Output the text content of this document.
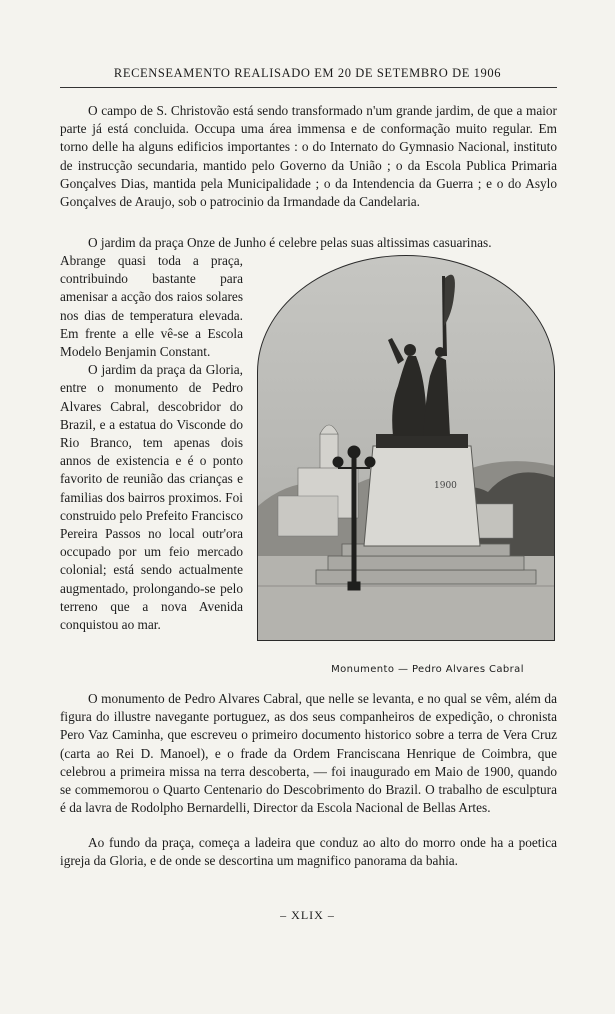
RECENSEAMENTO REALISADO EM 20 DE SETEMBRO DE 1906

O campo de S. Christovão está sendo transformado n'um grande jardim, de que a maior parte já está concluida. Occupa uma área immensa e de conformação muito regular. Em torno delle ha alguns edificios importantes : o do Internato do Gymnasio Nacional, instituto de instrucção secundaria, mantido pelo Governo da União ; o da Escola Publica Primaria Gonçalves Dias, mantida pela Municipalidade ; o da Intendencia da Guerra ; e o do Asylo Gonçalves de Araujo, sob o patrocinio da Irmandade da Candelaria.

O jardim da praça Onze de Junho é celebre pelas suas altissimas casuarinas.

1900

Abrange quasi toda a praça, contribuindo bastante para amenisar a acção dos raios solares nos dias de temperatura elevada. Em frente a elle vê-se a Escola Modelo Benjamin Constant.

O jardim da praça da Gloria, entre o monumento de Pedro Alvares Cabral, descobridor do Brazil, e a estatua do Visconde do Rio Branco, tem apenas dois annos de existencia e é o ponto favorito de reunião das crianças e familias dos bairros proximos. Foi construido pelo Prefeito Francisco Pereira Passos no local outr'ora occupado por um feio mercado colonial; está sendo actualmente augmentado, prolongando-se pelo terreno que a nova Avenida conquistou ao mar.

Monumento — Pedro Alvares Cabral

O monumento de Pedro Alvares Cabral, que nelle se levanta, e no qual se vêm, além da figura do illustre navegante portuguez, as dos seus companheiros de expedição, o chronista Pero Vaz Caminha, que escreveu o primeiro documento historico sobre a terra de Vera Cruz (carta ao Rei D. Manoel), e o frade da Ordem Franciscana Henrique de Coimbra, que celebrou a primeira missa na terra descoberta, — foi inaugurado em Maio de 1900, quando se commemorou o Quarto Centenario do Descobrimento do Brazil. O trabalho de esculptura é da lavra de Rodolpho Bernardelli, Director da Escola Nacional de Bellas Artes.

Ao fundo da praça, começa a ladeira que conduz ao alto do morro onde ha a poetica igreja da Gloria, e de onde se descortina um magnifico panorama da bahia.

– XLIX –
